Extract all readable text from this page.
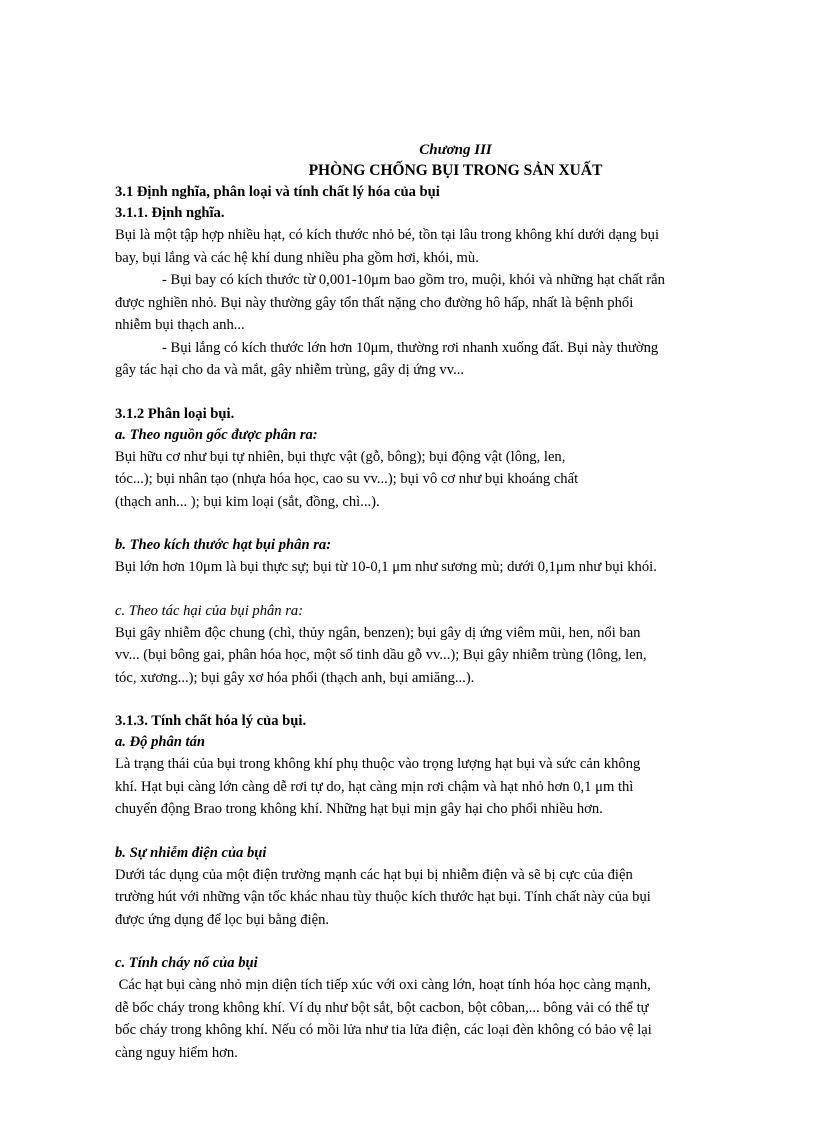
Chương III
PHÒNG CHỐNG BỤI TRONG SẢN XUẤT
3.1 Định nghĩa, phân loại và tính chất lý hóa của bụi
3.1.1. Định nghĩa.
Bụi là một tập hợp nhiều hạt, có kích thước nhỏ bé, tồn tại lâu trong không khí dưới dạng bụi
bay, bụi lắng và các hệ khí dung nhiều pha gồm hơi, khói, mù.
- Bụi bay có kích thước từ 0,001-10μm bao gồm tro, muội, khói và những hạt chất rắn
được nghiền nhỏ. Bụi này thường gây tổn thất nặng cho đường hô hấp, nhất là bệnh phổi
nhiễm bụi thạch anh...
- Bụi lắng có kích thước lớn hơn 10μm, thường rơi nhanh xuống đất. Bụi này thường
gây tác hại cho da và mắt, gây nhiễm trùng, gây dị ứng vv...
3.1.2 Phân loại bụi.
a. Theo nguồn gốc được phân ra:
Bụi hữu cơ như bụi tự nhiên, bụi thực vật (gỗ, bông); bụi động vật (lông, len,
tóc...); bụi nhân tạo (nhựa hóa học, cao su vv...); bụi vô cơ như bụi khoáng chất
(thạch anh... ); bụi kim loại (sắt, đồng, chì...).
b. Theo kích thước hạt bụi phân ra:
Bụi lớn hơn 10μm là bụi thực sự; bụi từ 10-0,1 μm như sương mù; dưới 0,1μm như bụi khói.
c. Theo tác hại của bụi phân ra:
Bụi gây nhiễm độc chung (chì, thủy ngân, benzen); bụi gây dị ứng viêm mũi, hen, nổi ban
vv... (bụi bông gai, phân hóa học, một số tinh dầu gỗ vv...); Bụi gây nhiễm trùng (lông, len,
tóc, xương...); bụi gây xơ hóa phổi (thạch anh, bụi amiăng...).
3.1.3. Tính chất hóa lý của bụi.
a. Độ phân tán
Là trạng thái của bụi trong không khí phụ thuộc vào trọng lượng hạt bụi và sức cản không
khí. Hạt bụi càng lớn càng dễ rơi tự do, hạt càng mịn rơi chậm và hạt nhỏ hơn 0,1 μm thì
chuyển động Brao trong không khí. Những hạt bụi mịn gây hại cho phổi nhiều hơn.
b. Sự nhiễm điện của bụi
Dưới tác dụng của một điện trường mạnh các hạt bụi bị nhiễm điện và sẽ bị cực của điện
trường hút với những vận tốc khác nhau tùy thuộc kích thước hạt bụi. Tính chất này của bụi
được ứng dụng để lọc bụi bằng điện.
c. Tính cháy nổ của bụi
Các hạt bụi càng nhỏ mịn diện tích tiếp xúc với oxi càng lớn, hoạt tính hóa học càng mạnh,
dễ bốc cháy trong không khí. Ví dụ như bột sắt, bột cacbon, bột côban,... bông vải có thể tự
bốc cháy trong không khí. Nếu có mồi lửa như tia lửa điện, các loại đèn không có bảo vệ lại
càng nguy hiểm hơn.
